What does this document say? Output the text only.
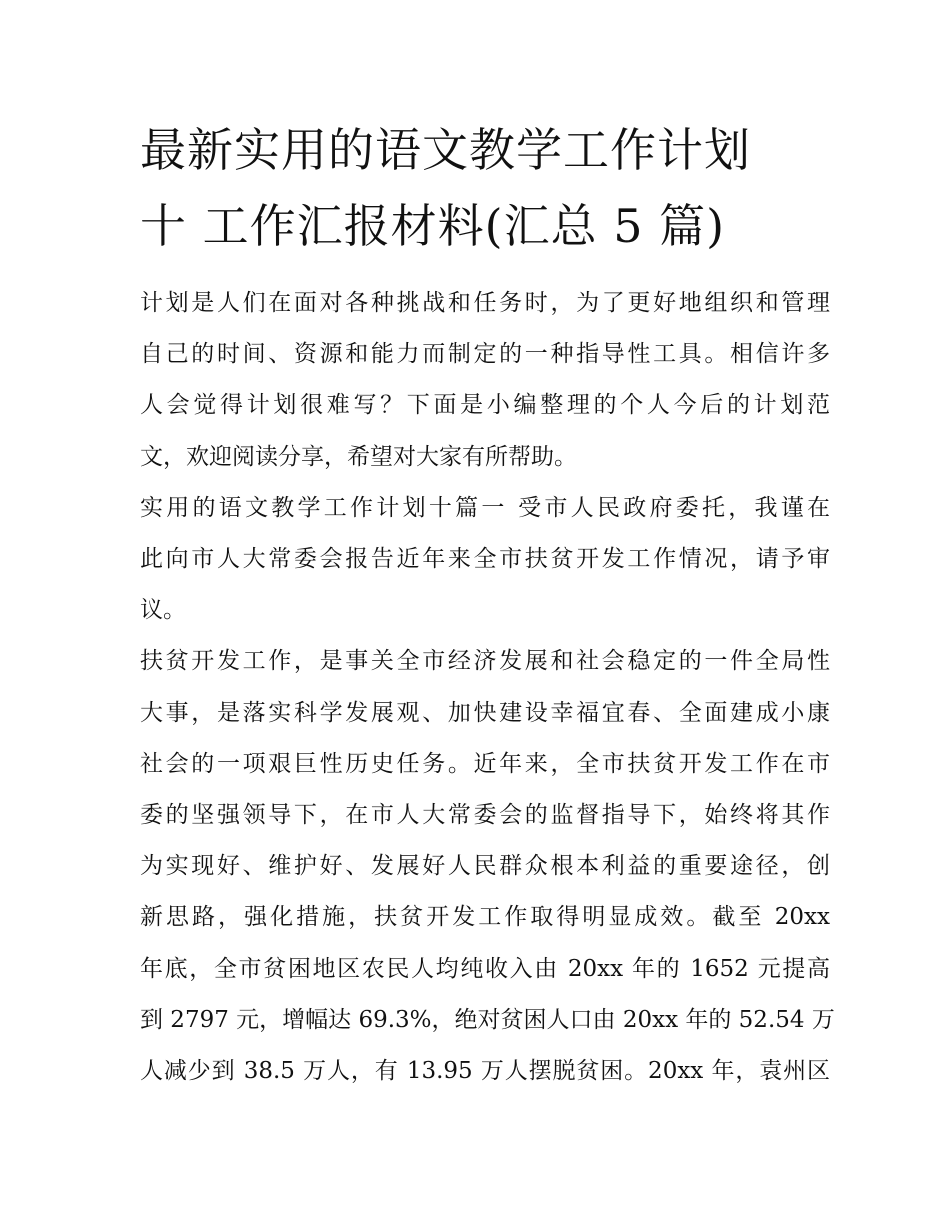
最新实用的语文教学工作计划
十 工作汇报材料(汇总 5 篇)

计划是人们在面对各种挑战和任务时，为了更好地组织和管理
自己的时间、资源和能力而制定的一种指导性工具。相信许多
人会觉得计划很难写？下面是小编整理的个人今后的计划范
文，欢迎阅读分享，希望对大家有所帮助。

实用的语文教学工作计划十篇一 受市人民政府委托，我谨在
此向市人大常委会报告近年来全市扶贫开发工作情况，请予审
议。

扶贫开发工作，是事关全市经济发展和社会稳定的一件全局性
大事，是落实科学发展观、加快建设幸福宜春、全面建成小康
社会的一项艰巨性历史任务。近年来，全市扶贫开发工作在市
委的坚强领导下，在市人大常委会的监督指导下，始终将其作
为实现好、维护好、发展好人民群众根本利益的重要途径，创
新思路，强化措施，扶贫开发工作取得明显成效。截至 20xx
年底，全市贫困地区农民人均纯收入由 20xx 年的 1652 元提高
到 2797 元，增幅达 69.3%，绝对贫困人口由 20xx 年的 52.54 万
人减少到 38.5 万人，有 13.95 万人摆脱贫困。20xx 年，袁州区
